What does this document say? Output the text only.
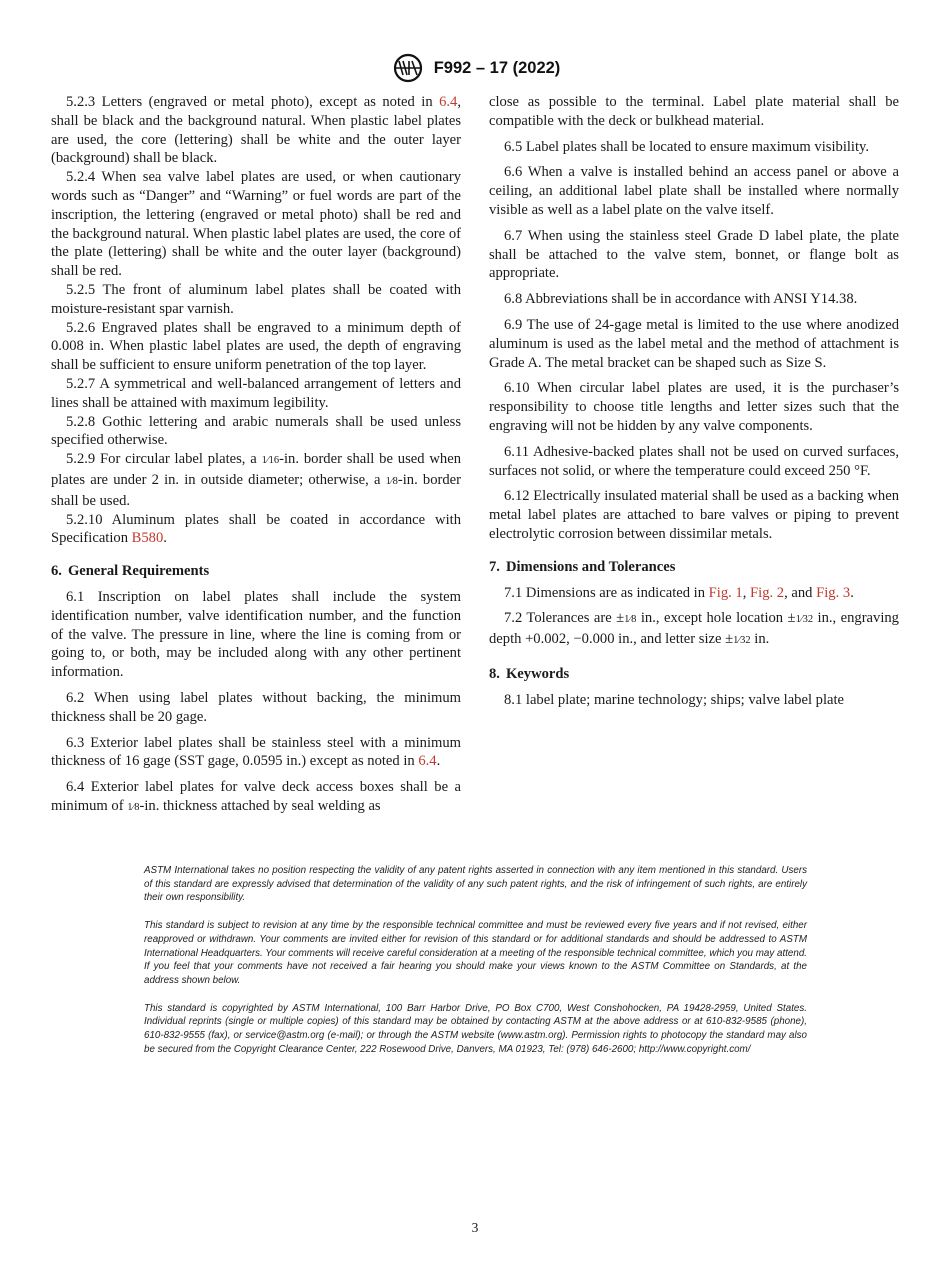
F992 – 17 (2022)

5.2.3 Letters (engraved or metal photo), except as noted in 6.4, shall be black and the background natural. When plastic label plates are used, the core (lettering) shall be white and the outer layer (background) shall be black.

5.2.4 When sea valve label plates are used, or when cautionary words such as “Danger” and “Warning” or fuel words are part of the inscription, the lettering (engraved or metal photo) shall be red and the background natural. When plastic label plates are used, the core of the plate (lettering) shall be white and the outer layer (background) shall be red.

5.2.5 The front of aluminum label plates shall be coated with moisture-resistant spar varnish.

5.2.6 Engraved plates shall be engraved to a minimum depth of 0.008 in. When plastic label plates are used, the depth of engraving shall be sufficient to ensure uniform penetration of the top layer.

5.2.7 A symmetrical and well-balanced arrangement of letters and lines shall be attained with maximum legibility.

5.2.8 Gothic lettering and arabic numerals shall be used unless specified otherwise.

5.2.9 For circular label plates, a 1⁄16-in. border shall be used when plates are under 2 in. in outside diameter; otherwise, a 1⁄8-in. border shall be used.

5.2.10 Aluminum plates shall be coated in accordance with Specification B580.

6. General Requirements

6.1 Inscription on label plates shall include the system identification number, valve identification number, and the function of the valve. The pressure in line, where the line is coming from or going to, or both, may be included along with any other pertinent information.

6.2 When using label plates without backing, the minimum thickness shall be 20 gage.

6.3 Exterior label plates shall be stainless steel with a minimum thickness of 16 gage (SST gage, 0.0595 in.) except as noted in 6.4.

6.4 Exterior label plates for valve deck access boxes shall be a minimum of 1⁄8-in. thickness attached by seal welding as

close as possible to the terminal. Label plate material shall be compatible with the deck or bulkhead material.

6.5 Label plates shall be located to ensure maximum visibility.

6.6 When a valve is installed behind an access panel or above a ceiling, an additional label plate shall be installed where normally visible as well as a label plate on the valve itself.

6.7 When using the stainless steel Grade D label plate, the plate shall be attached to the valve stem, bonnet, or flange bolt as appropriate.

6.8 Abbreviations shall be in accordance with ANSI Y14.38.

6.9 The use of 24-gage metal is limited to the use where anodized aluminum is used as the label metal and the method of attachment is Grade A. The metal bracket can be shaped such as Size S.

6.10 When circular label plates are used, it is the purchaser’s responsibility to choose title lengths and letter sizes such that the engraving will not be hidden by any valve components.

6.11 Adhesive-backed plates shall not be used on curved surfaces, surfaces not solid, or where the temperature could exceed 250 °F.

6.12 Electrically insulated material shall be used as a backing when metal label plates are attached to bare valves or piping to prevent electrolytic corrosion between dissimilar metals.

7. Dimensions and Tolerances

7.1 Dimensions are as indicated in Fig. 1, Fig. 2, and Fig. 3.

7.2 Tolerances are ±1⁄8 in., except hole location ±1⁄32 in., engraving depth +0.002, −0.000 in., and letter size ±1⁄32 in.

8. Keywords

8.1 label plate; marine technology; ships; valve label plate

ASTM International takes no position respecting the validity of any patent rights asserted in connection with any item mentioned in this standard. Users of this standard are expressly advised that determination of the validity of any such patent rights, and the risk of infringement of such rights, are entirely their own responsibility.

This standard is subject to revision at any time by the responsible technical committee and must be reviewed every five years and if not revised, either reapproved or withdrawn. Your comments are invited either for revision of this standard or for additional standards and should be addressed to ASTM International Headquarters. Your comments will receive careful consideration at a meeting of the responsible technical committee, which you may attend. If you feel that your comments have not received a fair hearing you should make your views known to the ASTM Committee on Standards, at the address shown below.

This standard is copyrighted by ASTM International, 100 Barr Harbor Drive, PO Box C700, West Conshohocken, PA 19428-2959, United States. Individual reprints (single or multiple copies) of this standard may be obtained by contacting ASTM at the above address or at 610-832-9585 (phone), 610-832-9555 (fax), or service@astm.org (e-mail); or through the ASTM website (www.astm.org). Permission rights to photocopy the standard may also be secured from the Copyright Clearance Center, 222 Rosewood Drive, Danvers, MA 01923, Tel: (978) 646-2600; http://www.copyright.com/

3
